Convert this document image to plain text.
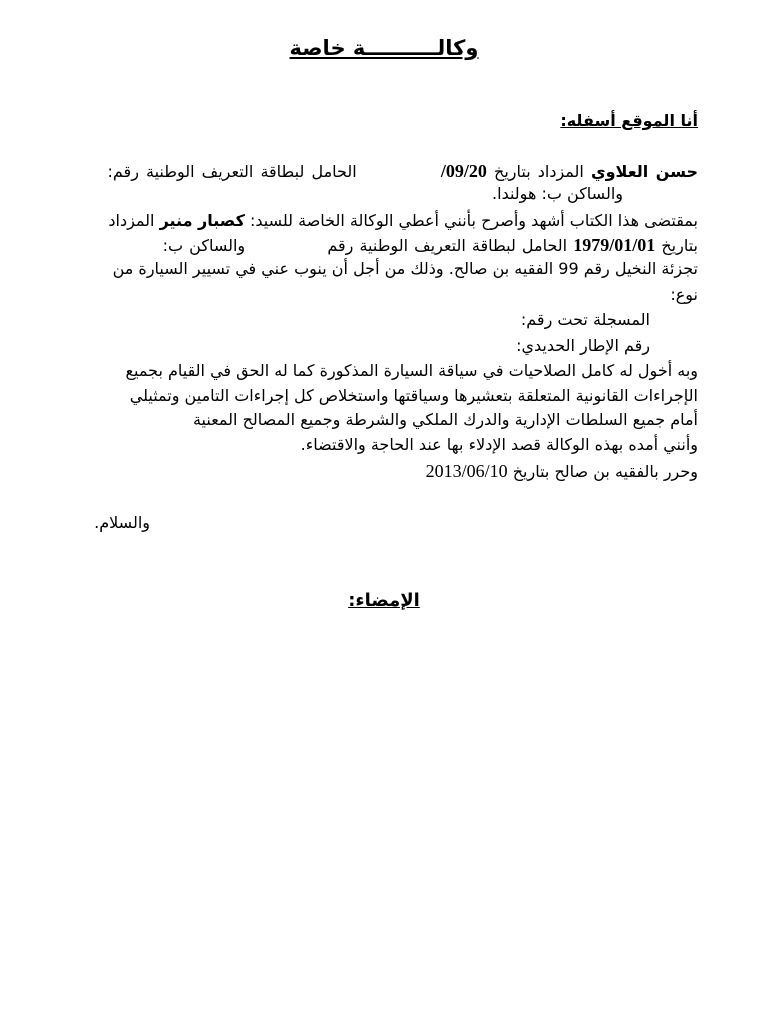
وكالــــــــــة خاصة
أنا الموقع أسفله:
حسن العلاوي المزداد بتاريخ 09/20/  الحامل لبطاقة التعريف الوطنية رقم:
والساكن ب: هولندا.
بمقتضى هذا الكتاب أشهد وأصرح بأنني أعطي الوكالة الخاصة للسيد: كصبار منير المزداد
بتاريخ 1979/01/01 الحامل لبطاقة التعريف الوطنية رقم  والساكن ب:
تجزئة النخيل رقم 99 الفقيه بن صالح. وذلك من أجل أن ينوب عني في تسيير السيارة من
نوع:
المسجلة تحت رقم:
رقم الإطار الحديدي:
وبه أخول له كامل الصلاحيات في سياقة السيارة المذكورة كما له الحق في القيام بجميع
الإجراءات القانونية المتعلقة بتعشيرها وسياقتها واستخلاص كل إجراءات التامين وتمثيلي
أمام جميع السلطات الإدارية والدرك الملكي والشرطة وجميع المصالح المعنية
وأنني أمده بهذه الوكالة قصد الإدلاء بها عند الحاجة والاقتضاء.
وحرر بالفقيه بن صالح بتاريخ 2013/06/10
والسلام.
الإمضاء:
